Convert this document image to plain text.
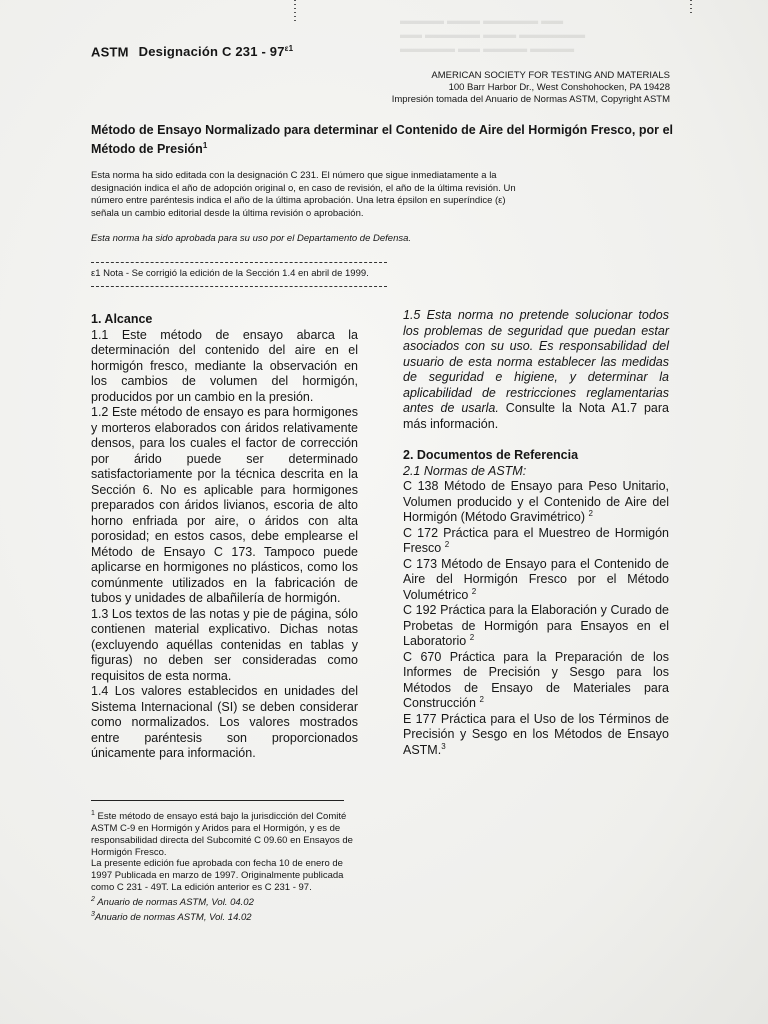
▬▬▬▬ ▬▬▬ ▬▬▬▬▬ ▬▬
▬▬ ▬▬▬▬▬ ▬▬▬ ▬▬▬▬▬▬
▬▬▬▬▬ ▬▬ ▬▬▬▬ ▬▬▬▬

ASTM Designación C $231 - 97^{\varepsilon 1}$
AMERICAN SOCIETY FOR TESTING AND MATERIALS
100 Barr Harbor Dr., West Conshohocken, PA 19428
Impresión tomada del Anuario de Normas ASTM, Copyright ASTM
Método de Ensayo Normalizado para determinar el Contenido de Aire del Hormigón Fresco, por el Método de Presión$^1$
Esta norma ha sido editada con la designación C 231. El número que sigue inmediatamente a la designación indica el año de adopción original o, en caso de revisión, el año de la última revisión. Un número entre paréntesis indica el año de la última aprobación. Una letra épsilon en superíndice (ε) señala un cambio editorial desde la última revisión o aprobación.
Esta norma ha sido aprobada para su uso por el Departamento de Defensa.
ε1 Nota - Se corrigió la edición de la Sección 1.4 en abril de 1999.

1. Alcance

1.1 Este método de ensayo abarca la determinación del contenido del aire en el hormigón fresco, mediante la observación en los cambios de volumen del hormigón, producidos por un cambio en la presión.

1.2 Este método de ensayo es para hormigones y morteros elaborados con áridos relativamente densos, para los cuales el factor de corrección por árido puede ser determinado satisfactoriamente por la técnica descrita en la Sección 6. No es aplicable para hormigones preparados con áridos livianos, escoria de alto horno enfriada por aire, o áridos con alta porosidad; en estos casos, debe emplearse el Método de Ensayo C 173. Tampoco puede aplicarse en hormigones no plásticos, como los comúnmente utilizados en la fabricación de tubos y unidades de albañilería de hormigón.

1.3 Los textos de las notas y pie de página, sólo contienen material explicativo. Dichas notas (excluyendo aquéllas contenidas en tablas y figuras) no deben ser consideradas como requisitos de esta norma.

1.4 Los valores establecidos en unidades del Sistema Internacional (SI) se deben considerar como normalizados. Los valores mostrados entre paréntesis son proporcionados únicamente para información.

1.5 Esta norma no pretende solucionar todos los problemas de seguridad que puedan estar asociados con su uso. Es responsabilidad del usuario de esta norma establecer las medidas de seguridad e higiene, y determinar la aplicabilidad de restricciones reglamentarias antes de usarla. Consulte la Nota A1.7 para más información.

2. Documentos de Referencia

2.1 Normas de ASTM:

C 138 Método de Ensayo para Peso Unitario, Volumen producido y el Contenido de Aire del Hormigón (Método Gravimétrico) $^2$

C 172 Práctica para el Muestreo de Hormigón Fresco $^2$

C 173 Método de Ensayo para el Contenido de Aire del Hormigón Fresco por el Método Volumétrico $^2$

C 192 Práctica para la Elaboración y Curado de Probetas de Hormigón para Ensayos en el Laboratorio $^2$

C 670 Práctica para la Preparación de los Informes de Precisión y Sesgo para los Métodos de Ensayo de Materiales para Construcción $^2$

E 177 Práctica para el Uso de los Términos de Precisión y Sesgo en los Métodos de Ensayo ASTM.$^3$

$^1$ Este método de ensayo está bajo la jurisdicción del Comité ASTM C-9 en Hormigón y Aridos para el Hormigón, y es de responsabilidad directa del Subcomité C 09.60 en Ensayos de Hormigón Fresco.

La presente edición fue aprobada con fecha 10 de enero de 1997 Publicada en marzo de 1997. Originalmente publicada como C 231 - 49T. La edición anterior es C 231 - 97.

$^2$ Anuario de normas ASTM, Vol. 04.02

$^3$Anuario de normas ASTM, Vol. 14.02
